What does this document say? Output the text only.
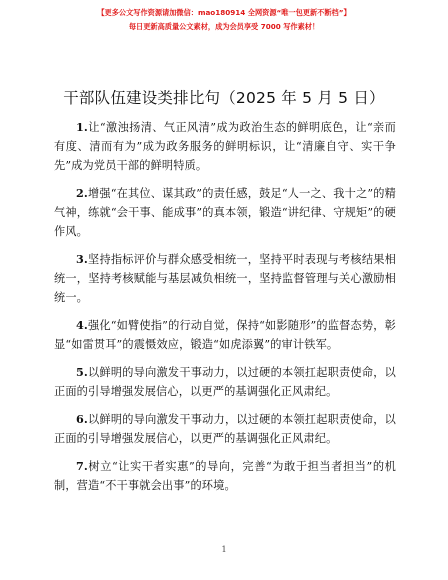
【更多公文写作资源请加微信：mao180914 全网资源“唯一包更新不断档”】
每日更新高质量公文素材，成为会员享受 7000 写作素材！
干部队伍建设类排比句（2025 年 5 月 5 日）

1.让“激浊扬清、气正风清”成为政治生态的鲜明底色，让“亲而有度、清而有为”成为政务服务的鲜明标识，让“清廉自守、实干争先”成为党员干部的鲜明特质。

2.增强“在其位、谋其政”的责任感，鼓足“人一之、我十之”的精气神，练就“会干事、能成事”的真本领，锻造“讲纪律、守规矩”的硬作风。

3.坚持指标评价与群众感受相统一，坚持平时表现与考核结果相统一，坚持考核赋能与基层减负相统一，坚持监督管理与关心激励相统一。

4.强化“如臂使指”的行动自觉，保持“如影随形”的监督态势，彰显“如雷贯耳”的震慑效应，锻造“如虎添翼”的审计铁军。

5.以鲜明的导向激发干事动力，以过硬的本领扛起职责使命，以正面的引导增强发展信心，以更严的基调强化正风肃纪。

6.以鲜明的导向激发干事动力，以过硬的本领扛起职责使命，以正面的引导增强发展信心，以更严的基调强化正风肃纪。

7.树立“让实干者实惠”的导向，完善“为敢于担当者担当”的机制，营造“不干事就会出事”的环境。

1
